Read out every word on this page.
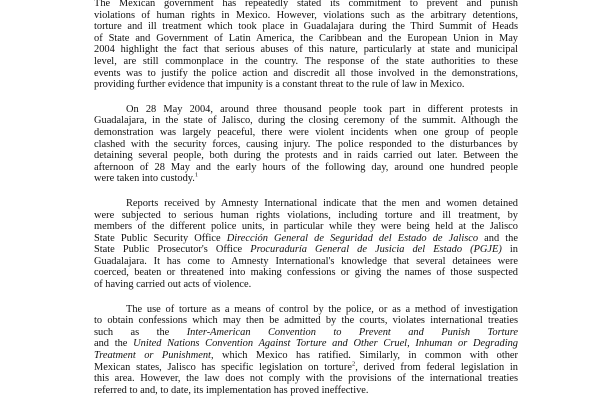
The Mexican government has repeatedly stated its commitment to prevent and punish
violations of human rights in Mexico. However, violations such as the arbitrary detentions,
torture and ill treatment which took place in Guadalajara during the Third Summit of Heads
of State and Government of Latin America, the Caribbean and the European Union in May
2004 highlight the fact that serious abuses of this nature, particularly at state and municipal
level, are still commonplace in the country. The response of the state authorities to these
events was to justify the police action and discredit all those involved in the demonstrations,
providing further evidence that impunity is a constant threat to the rule of law in Mexico.
On 28 May 2004, around three thousand people took part in different protests in
Guadalajara, in the state of Jalisco, during the closing ceremony of the summit. Although the
demonstration was largely peaceful, there were violent incidents when one group of people
clashed with the security forces, causing injury. The police responded to the disturbances by
detaining several people, both during the protests and in raids carried out later. Between the
afternoon of 28 May and the early hours of the following day, around one hundred people
were taken into custody.$^1$
Reports received by Amnesty International indicate that the men and women detained
were subjected to serious human rights violations, including torture and ill treatment, by
members of the different police units, in particular while they were being held at the Jalisco
State Public Security Office Dirección General de Seguridad del Estado de Jalisco and the
State Public Prosecutor's Office Procuraduría General de Jusicia del Estado (PGJE) in
Guadalajara. It has come to Amnesty International's knowledge that several detainees were
coerced, beaten or threatened into making confessions or giving the names of those suspected
of having carried out acts of violence.
The use of torture as a means of control by the police, or as a method of investigation
to obtain confessions which may then be admitted by the courts, violates international treaties
such as the Inter-American Convention to Prevent and Punish Torture
and the United Nations Convention Against Torture and Other Cruel, Inhuman or Degrading
Treatment or Punishment, which Mexico has ratified. Similarly, in common with other
Mexican states, Jalisco has specific legislation on torture$^2$, derived from federal legislation in
this area. However, the law does not comply with the provisions of the international treaties
referred to and, to date, its implementation has proved ineffective.
